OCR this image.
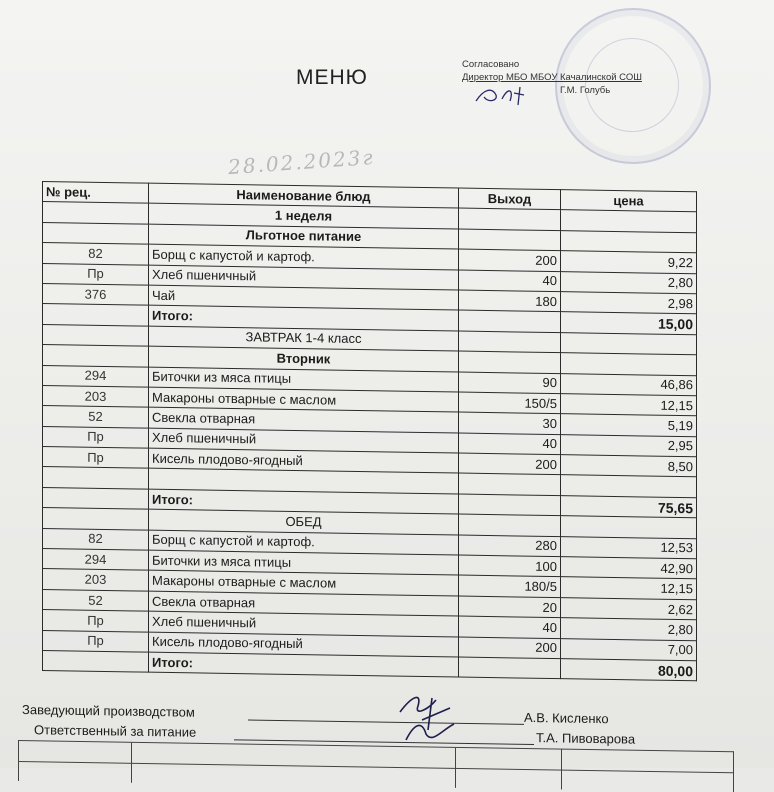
МЕНЮ
Согласовано
Директор МБО МБОУ Качалинской СОШ
Г.М. Голубь
28.02.2023г
№ рец.	Наименование блюд	Выход	цена
	1 неделя		
	Льготное питание		
82	Борщ с капустой и картоф.	200	9,22
Пр	Хлеб пшеничный	40	2,80
376	Чай	180	2,98
	Итого:		15,00
	ЗАВТРАК 1-4 класс		
	Вторник		
294	Биточки из мяса птицы	90	46,86
203	Макароны отварные с маслом	150/5	12,15
52	Свекла отварная	30	5,19
Пр	Хлеб пшеничный	40	2,95
Пр	Кисель плодово-ягодный	200	8,50

	Итого:		75,65
	ОБЕД		
82	Борщ с капустой и картоф.	280	12,53
294	Биточки из мяса птицы	100	42,90
203	Макароны отварные с маслом	180/5	12,15
52	Свекла отварная	20	2,62
Пр	Хлеб пшеничный	40	2,80
Пр	Кисель плодово-ягодный	200	7,00
	Итого:		80,00
Заведующий производством	А.В. Кисленко
Ответственный за питание	Т.А. Пивоварова
